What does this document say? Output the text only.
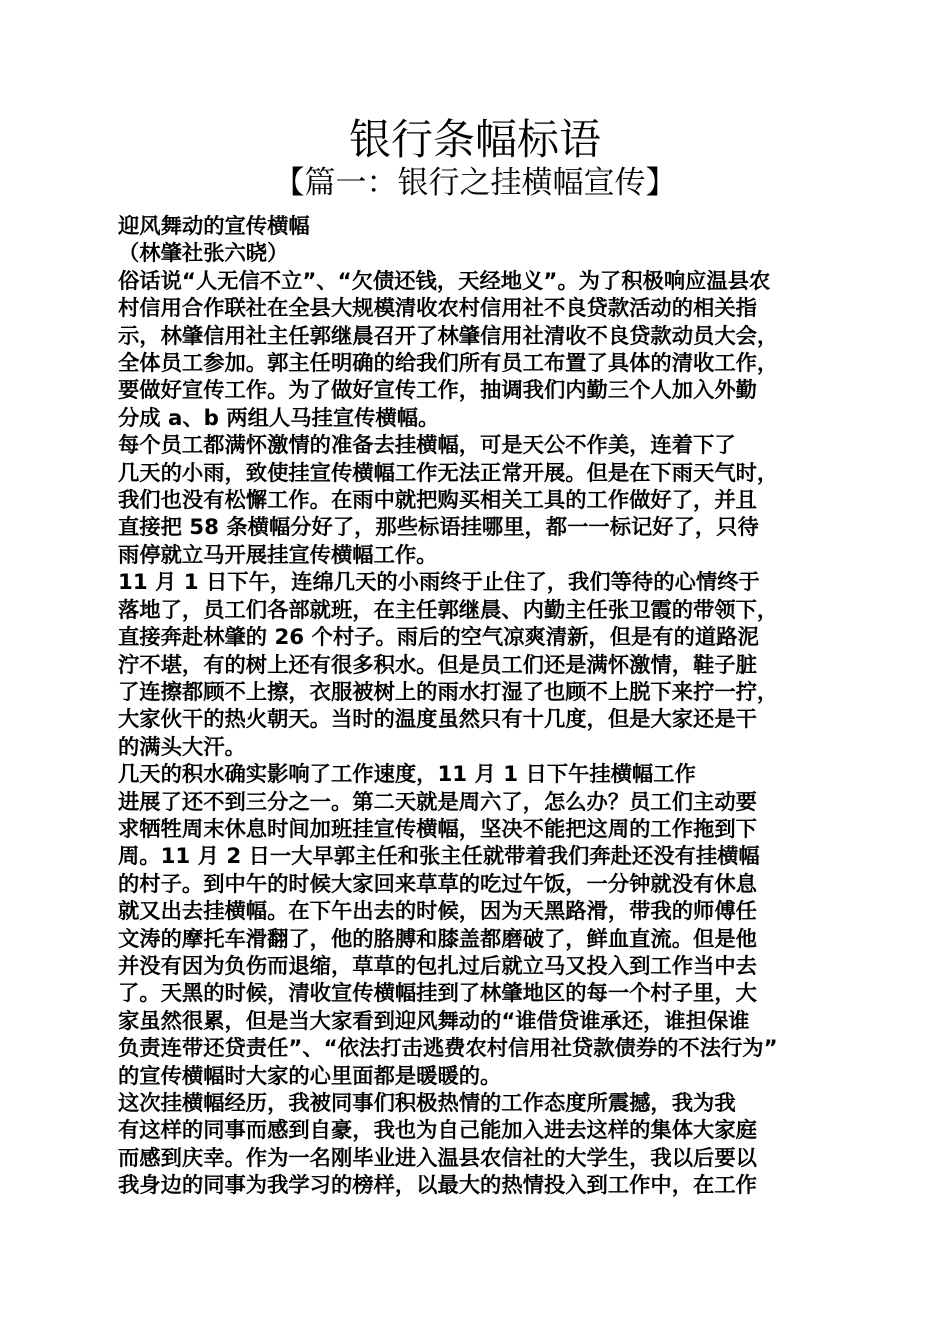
银行条幅标语
【篇一：银行之挂横幅宣传】
迎风舞动的宣传横幅
（林肇社张六晓）
俗话说“人无信不立”、“欠债还钱，天经地义”。为了积极响应温县农
村信用合作联社在全县大规模清收农村信用社不良贷款活动的相关指
示，林肇信用社主任郭继晨召开了林肇信用社清收不良贷款动员大会，
全体员工参加。郭主任明确的给我们所有员工布置了具体的清收工作，
要做好宣传工作。为了做好宣传工作，抽调我们内勤三个人加入外勤
分成 a、b 两组人马挂宣传横幅。
每个员工都满怀激情的准备去挂横幅，可是天公不作美，连着下了
几天的小雨，致使挂宣传横幅工作无法正常开展。但是在下雨天气时，
我们也没有松懈工作。在雨中就把购买相关工具的工作做好了，并且
直接把 58 条横幅分好了，那些标语挂哪里，都一一标记好了，只待
雨停就立马开展挂宣传横幅工作。
11 月 1 日下午，连绵几天的小雨终于止住了，我们等待的心情终于
落地了，员工们各部就班，在主任郭继晨、内勤主任张卫霞的带领下，
直接奔赴林肇的 26 个村子。雨后的空气凉爽清新，但是有的道路泥
泞不堪，有的树上还有很多积水。但是员工们还是满怀激情，鞋子脏
了连擦都顾不上擦，衣服被树上的雨水打湿了也顾不上脱下来拧一拧，
大家伙干的热火朝天。当时的温度虽然只有十几度，但是大家还是干
的满头大汗。
几天的积水确实影响了工作速度，11 月 1 日下午挂横幅工作
进展了还不到三分之一。第二天就是周六了，怎么办？员工们主动要
求牺牲周末休息时间加班挂宣传横幅，坚决不能把这周的工作拖到下
周。11 月 2 日一大早郭主任和张主任就带着我们奔赴还没有挂横幅
的村子。到中午的时候大家回来草草的吃过午饭，一分钟就没有休息
就又出去挂横幅。在下午出去的时候，因为天黑路滑，带我的师傅任
文涛的摩托车滑翻了，他的胳膊和膝盖都磨破了，鲜血直流。但是他
并没有因为负伤而退缩，草草的包扎过后就立马又投入到工作当中去
了。天黑的时候，清收宣传横幅挂到了林肇地区的每一个村子里，大
家虽然很累，但是当大家看到迎风舞动的“谁借贷谁承还，谁担保谁
负责连带还贷责任”、“依法打击逃费农村信用社贷款债券的不法行为”
的宣传横幅时大家的心里面都是暖暖的。
这次挂横幅经历，我被同事们积极热情的工作态度所震撼，我为我
有这样的同事而感到自豪，我也为自己能加入进去这样的集体大家庭
而感到庆幸。作为一名刚毕业进入温县农信社的大学生，我以后要以
我身边的同事为我学习的榜样，以最大的热情投入到工作中，在工作
